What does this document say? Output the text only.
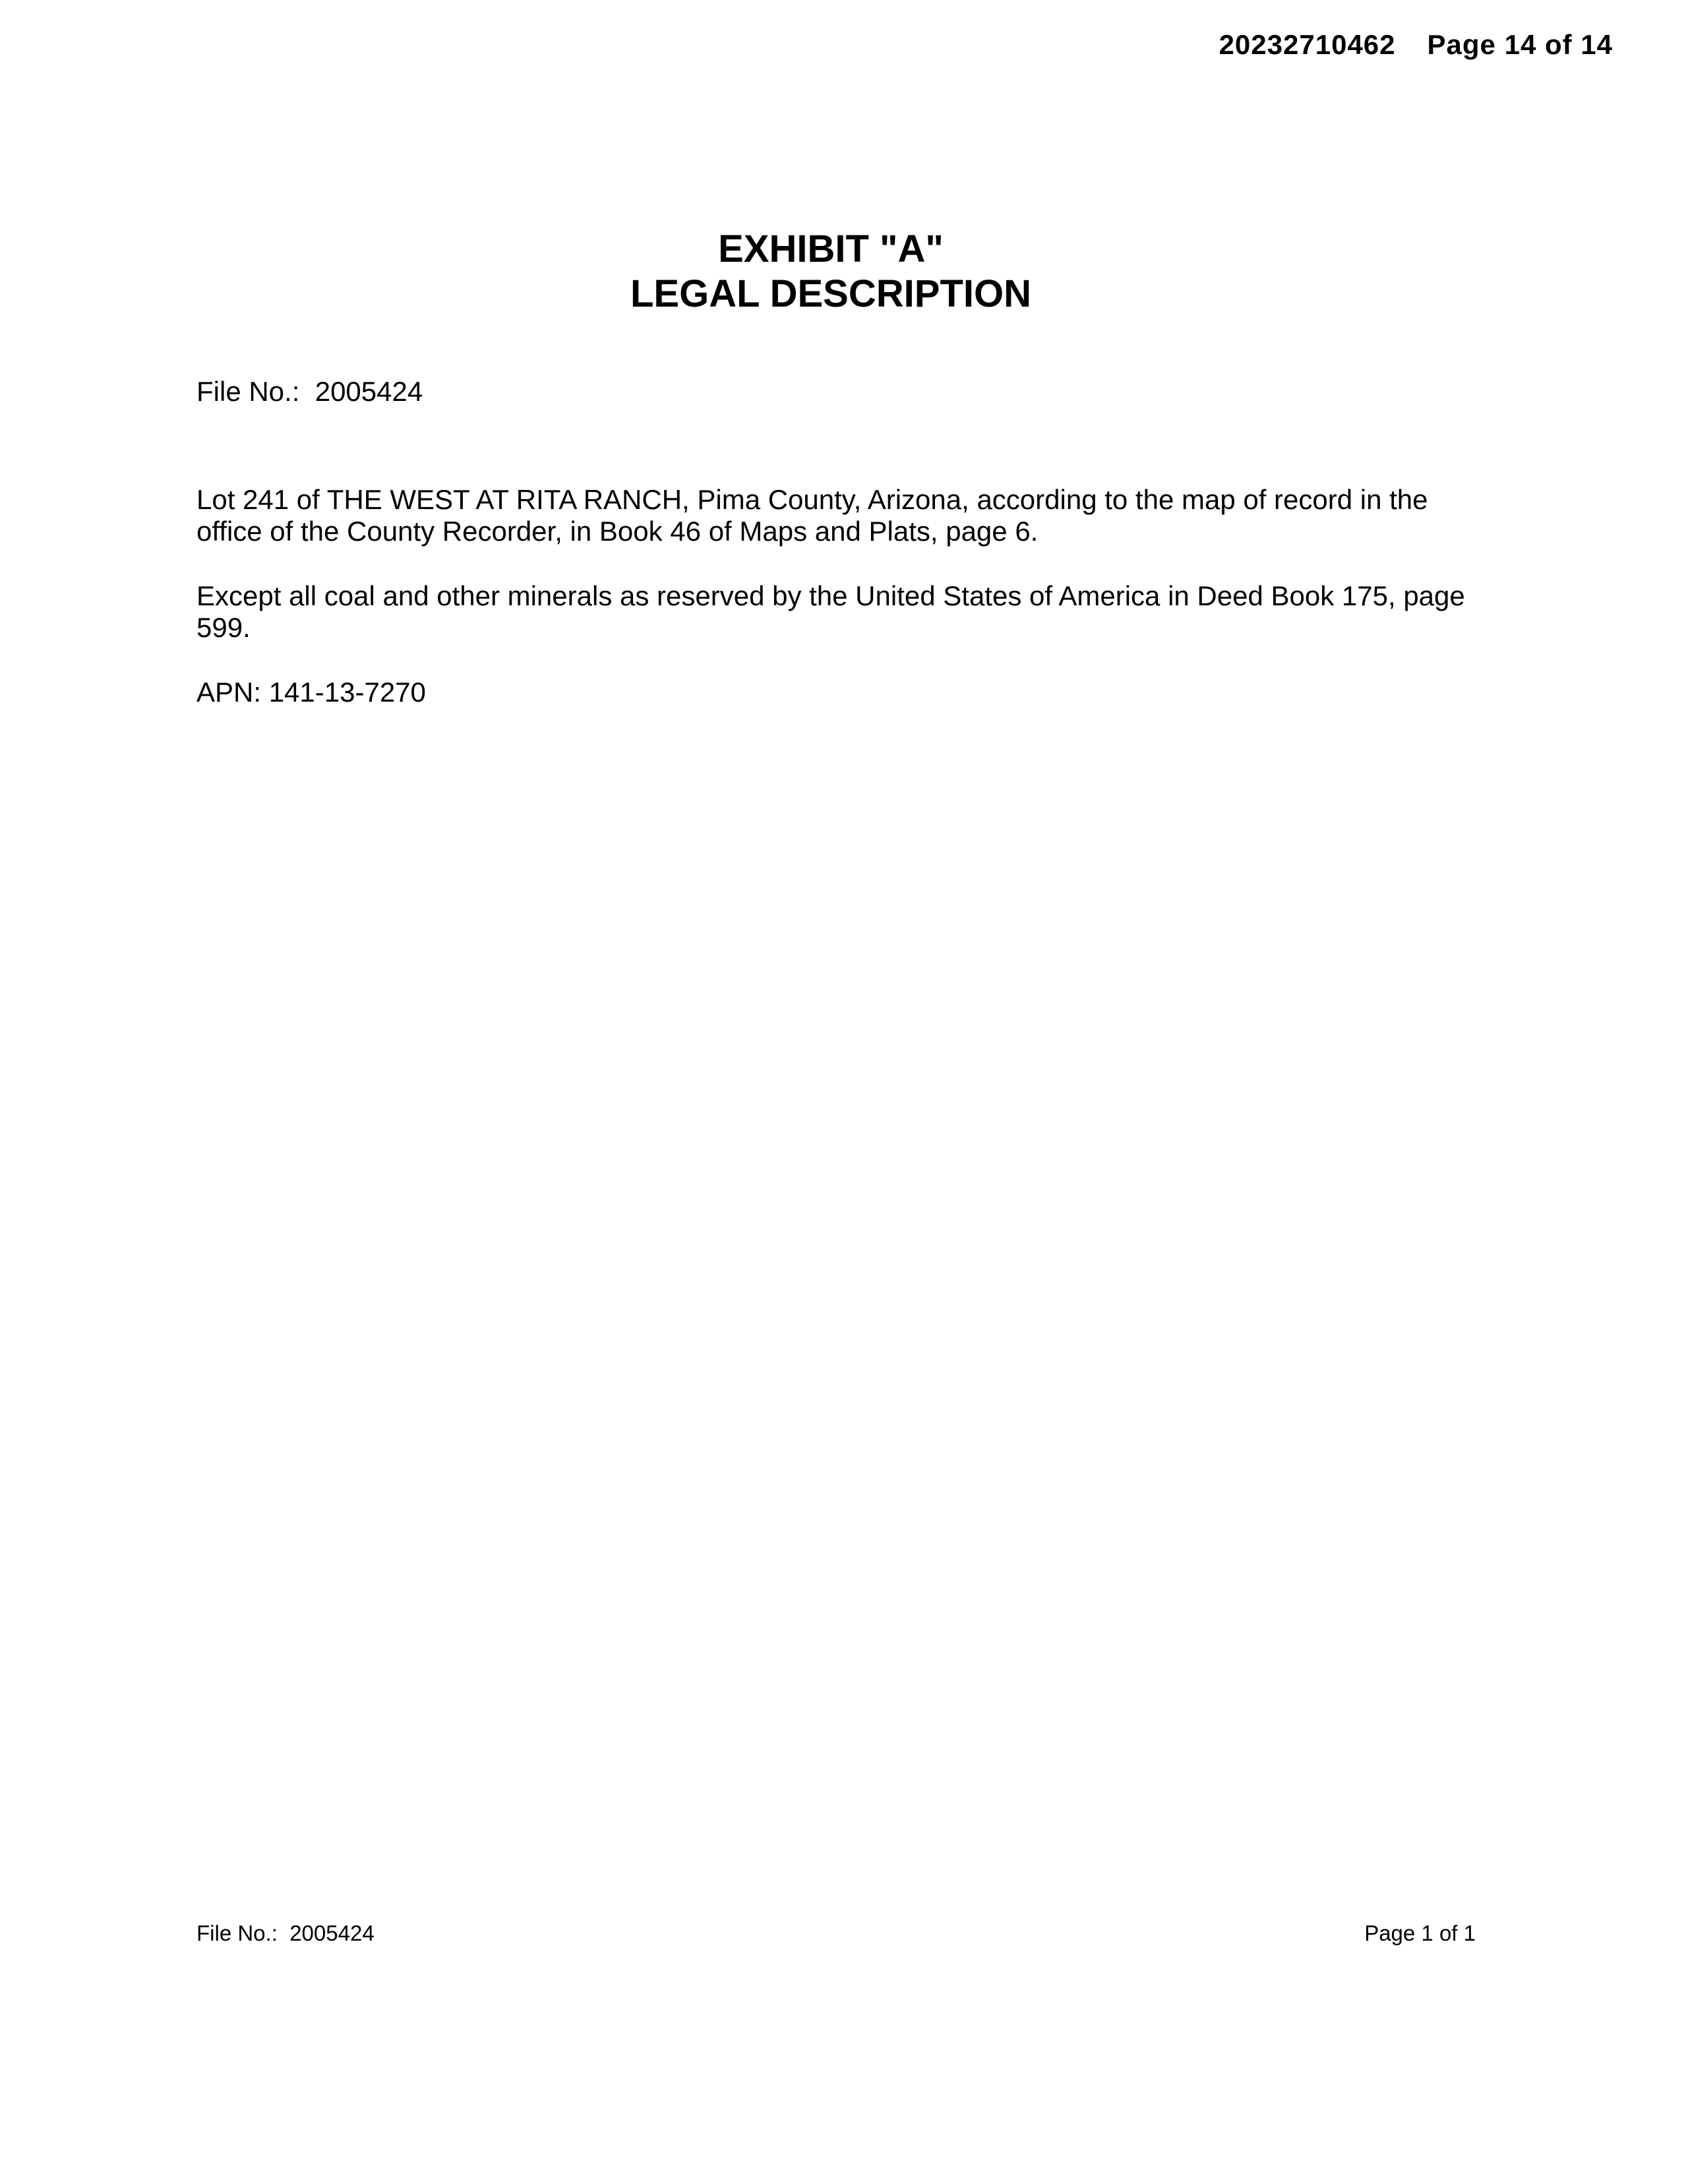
20232710462 Page 14 of 14
EXHIBIT "A"
LEGAL DESCRIPTION

File No.:  2005424

Lot 241 of THE WEST AT RITA RANCH, Pima County, Arizona, according to the map of record in the office of the County Recorder, in Book 46 of Maps and Plats, page 6.

Except all coal and other minerals as reserved by the United States of America in Deed Book 175, page 599.

APN: 141-13-7270

File No.:  2005424	Page 1 of 1
